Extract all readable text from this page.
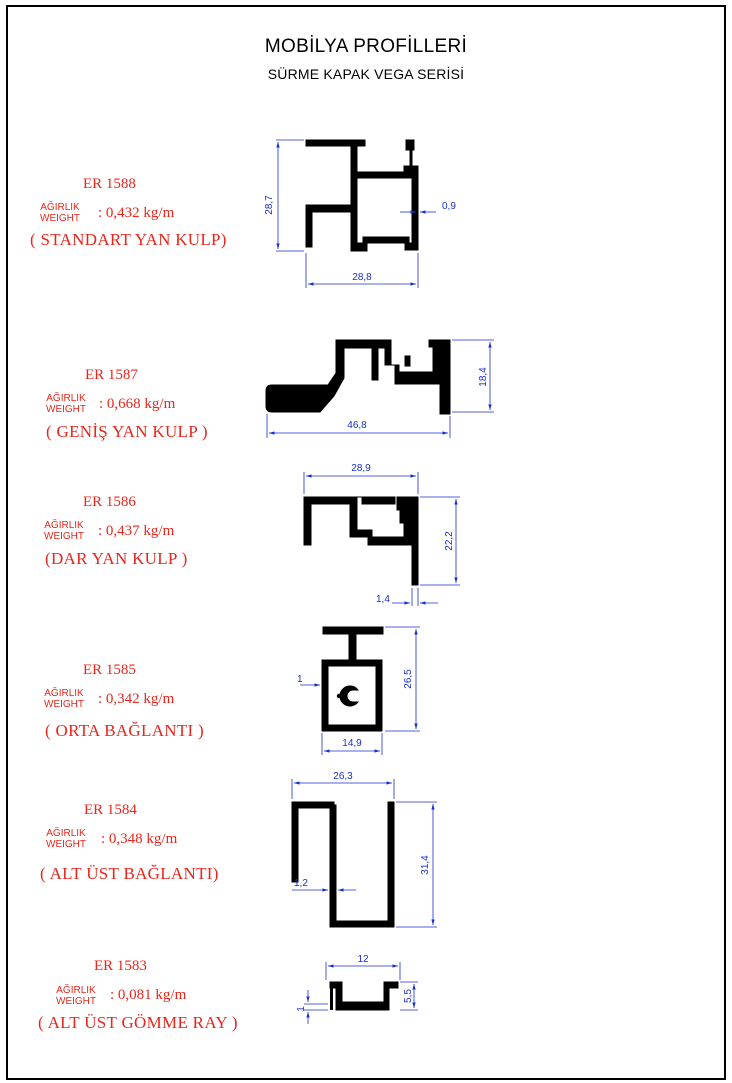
MOBİLYA PROFİLLERİ
SÜRME KAPAK VEGA SERİSİ
ER 1588
AĞIRLIK
WEIGHT : 0,432 kg/m
( STANDART YAN KULP)
ER 1587
AĞIRLIK
WEIGHT : 0,668 kg/m
( GENİŞ YAN KULP )
ER 1586
AĞIRLIK
WEIGHT : 0,437 kg/m
(DAR YAN KULP )
ER 1585
AĞIRLIK
WEIGHT : 0,342 kg/m
( ORTA BAĞLANTI )
ER 1584
AĞIRLIK
WEIGHT : 0,348 kg/m
( ALT ÜST BAĞLANTI)
ER 1583
AĞIRLIK
WEIGHT : 0,081 kg/m
( ALT ÜST GÖMME RAY )
28,7
28,8
0,9
18,4
46,8
28,9
22,2
1,4
26,5
14,9
1
26,3
31,4
1,2
12
5,5
1
